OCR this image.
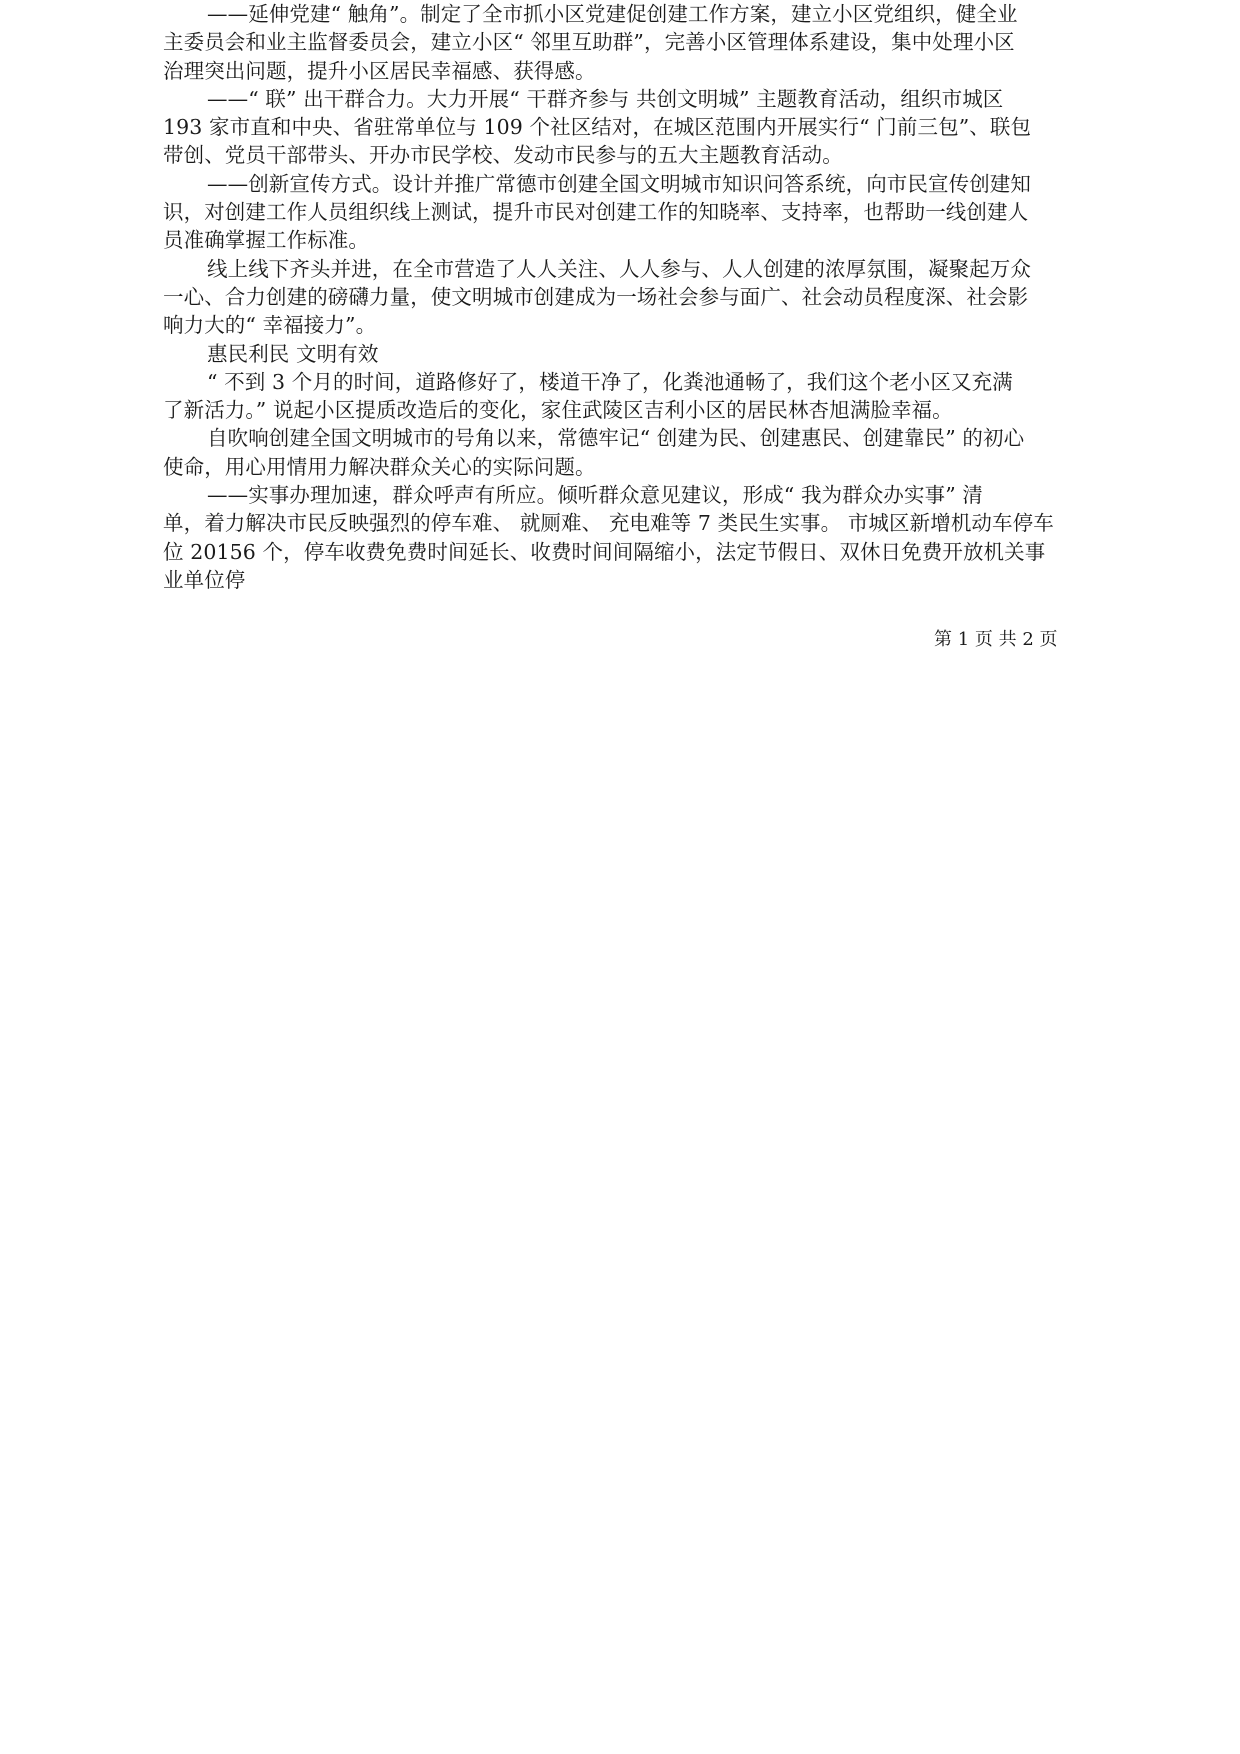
——延伸党建“ 触角”。制定了全市抓小区党建促创建工作方案，建立小区党组织，健全业
主委员会和业主监督委员会，建立小区“ 邻里互助群”，完善小区管理体系建设，集中处理小区
治理突出问题，提升小区居民幸福感、获得感。
——“ 联” 出干群合力。大力开展“ 干群齐参与 共创文明城” 主题教育活动，组织市城区
193 家市直和中央、省驻常单位与 109 个社区结对，在城区范围内开展实行“ 门前三包”、联包
带创、党员干部带头、开办市民学校、发动市民参与的五大主题教育活动。
——创新宣传方式。设计并推广常德市创建全国文明城市知识问答系统，向市民宣传创建知
识，对创建工作人员组织线上测试，提升市民对创建工作的知晓率、支持率，也帮助一线创建人
员准确掌握工作标准。
线上线下齐头并进，在全市营造了人人关注、人人参与、人人创建的浓厚氛围，凝聚起万众
一心、合力创建的磅礴力量，使文明城市创建成为一场社会参与面广、社会动员程度深、社会影
响力大的“ 幸福接力”。
惠民利民 文明有效
“ 不到 3 个月的时间，道路修好了，楼道干净了，化粪池通畅了，我们这个老小区又充满
了新活力。” 说起小区提质改造后的变化，家住武陵区吉利小区的居民林杏旭满脸幸福。
自吹响创建全国文明城市的号角以来，常德牢记“ 创建为民、创建惠民、创建靠民” 的初心
使命，用心用情用力解决群众关心的实际问题。
——实事办理加速，群众呼声有所应。倾听群众意见建议，形成“ 我为群众办实事” 清
单，着力解决市民反映强烈的停车难、 就厕难、 充电难等 7 类民生实事。 市城区新增机动车停车
位 20156 个，停车收费免费时间延长、收费时间间隔缩小，法定节假日、双休日免费开放机关事
业单位停
第 1 页 共 2 页
